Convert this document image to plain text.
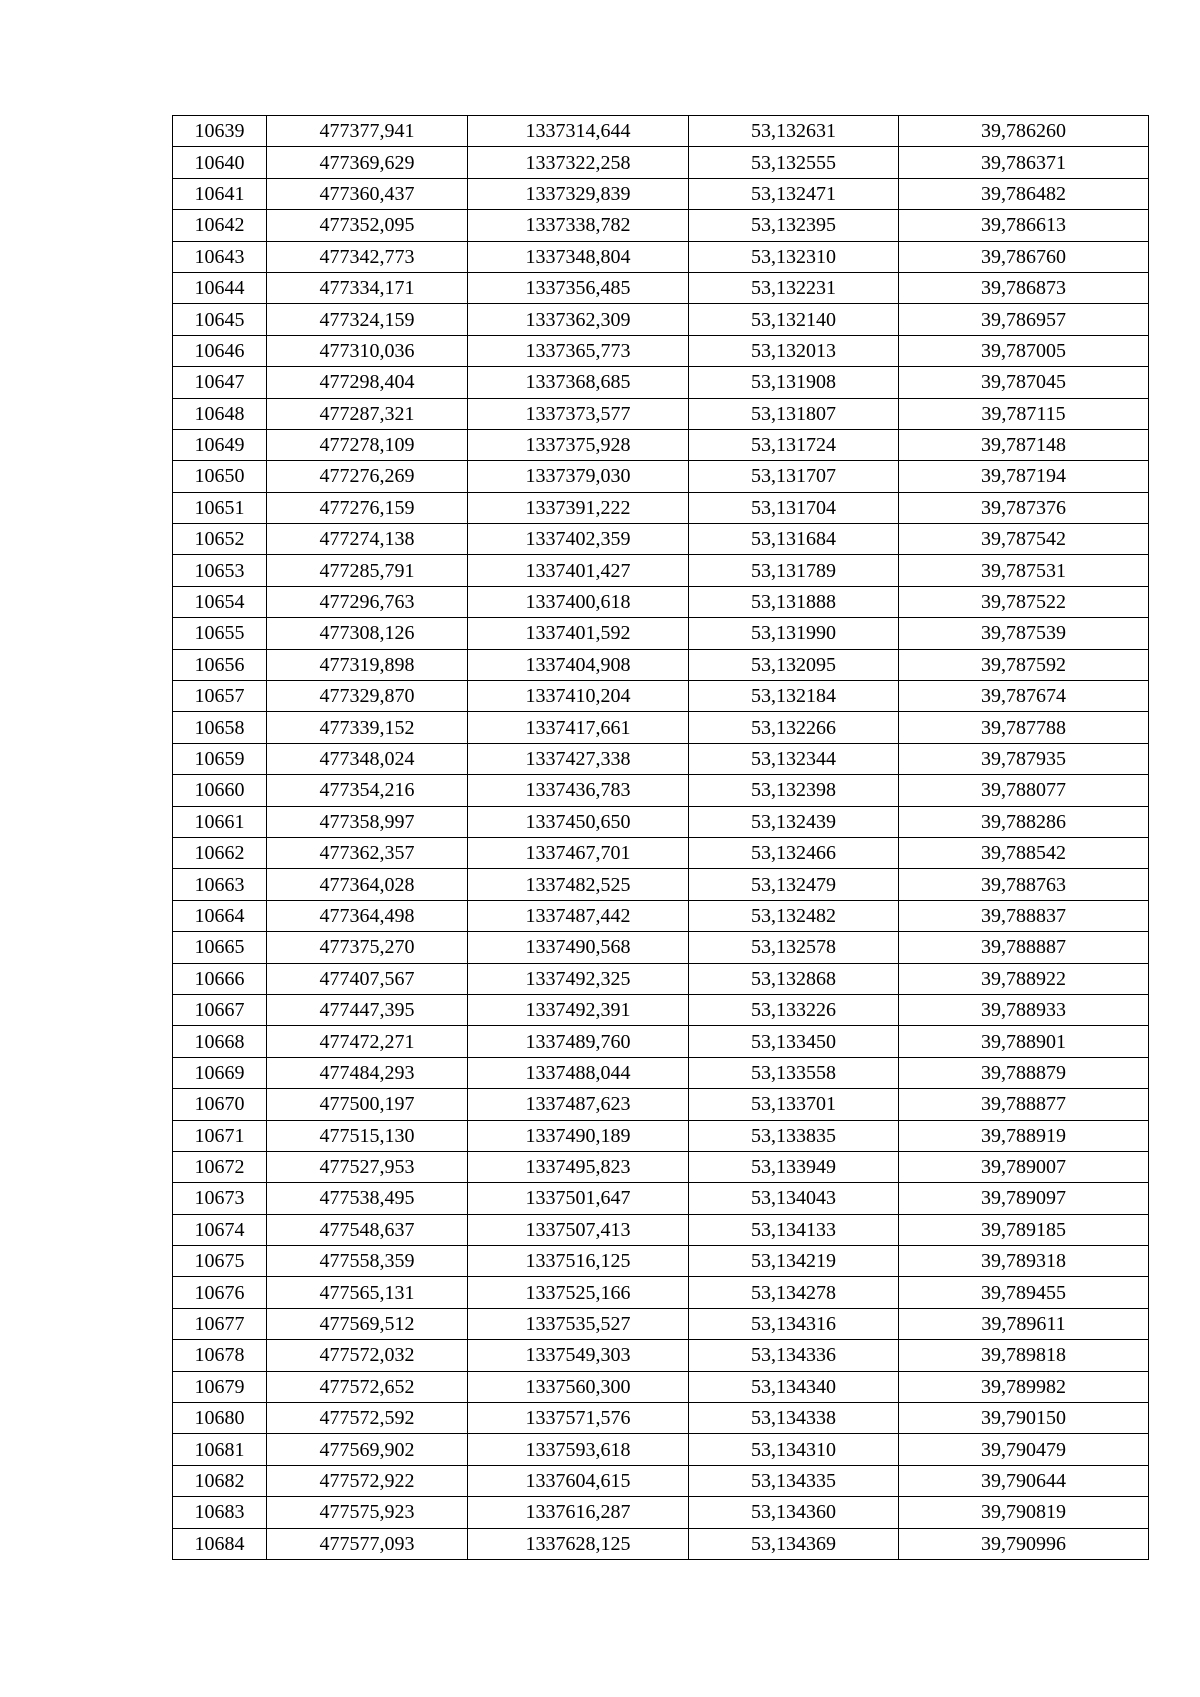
10639	477377,941	1337314,644	53,132631	39,786260
10640	477369,629	1337322,258	53,132555	39,786371
10641	477360,437	1337329,839	53,132471	39,786482
10642	477352,095	1337338,782	53,132395	39,786613
10643	477342,773	1337348,804	53,132310	39,786760
10644	477334,171	1337356,485	53,132231	39,786873
10645	477324,159	1337362,309	53,132140	39,786957
10646	477310,036	1337365,773	53,132013	39,787005
10647	477298,404	1337368,685	53,131908	39,787045
10648	477287,321	1337373,577	53,131807	39,787115
10649	477278,109	1337375,928	53,131724	39,787148
10650	477276,269	1337379,030	53,131707	39,787194
10651	477276,159	1337391,222	53,131704	39,787376
10652	477274,138	1337402,359	53,131684	39,787542
10653	477285,791	1337401,427	53,131789	39,787531
10654	477296,763	1337400,618	53,131888	39,787522
10655	477308,126	1337401,592	53,131990	39,787539
10656	477319,898	1337404,908	53,132095	39,787592
10657	477329,870	1337410,204	53,132184	39,787674
10658	477339,152	1337417,661	53,132266	39,787788
10659	477348,024	1337427,338	53,132344	39,787935
10660	477354,216	1337436,783	53,132398	39,788077
10661	477358,997	1337450,650	53,132439	39,788286
10662	477362,357	1337467,701	53,132466	39,788542
10663	477364,028	1337482,525	53,132479	39,788763
10664	477364,498	1337487,442	53,132482	39,788837
10665	477375,270	1337490,568	53,132578	39,788887
10666	477407,567	1337492,325	53,132868	39,788922
10667	477447,395	1337492,391	53,133226	39,788933
10668	477472,271	1337489,760	53,133450	39,788901
10669	477484,293	1337488,044	53,133558	39,788879
10670	477500,197	1337487,623	53,133701	39,788877
10671	477515,130	1337490,189	53,133835	39,788919
10672	477527,953	1337495,823	53,133949	39,789007
10673	477538,495	1337501,647	53,134043	39,789097
10674	477548,637	1337507,413	53,134133	39,789185
10675	477558,359	1337516,125	53,134219	39,789318
10676	477565,131	1337525,166	53,134278	39,789455
10677	477569,512	1337535,527	53,134316	39,789611
10678	477572,032	1337549,303	53,134336	39,789818
10679	477572,652	1337560,300	53,134340	39,789982
10680	477572,592	1337571,576	53,134338	39,790150
10681	477569,902	1337593,618	53,134310	39,790479
10682	477572,922	1337604,615	53,134335	39,790644
10683	477575,923	1337616,287	53,134360	39,790819
10684	477577,093	1337628,125	53,134369	39,790996
